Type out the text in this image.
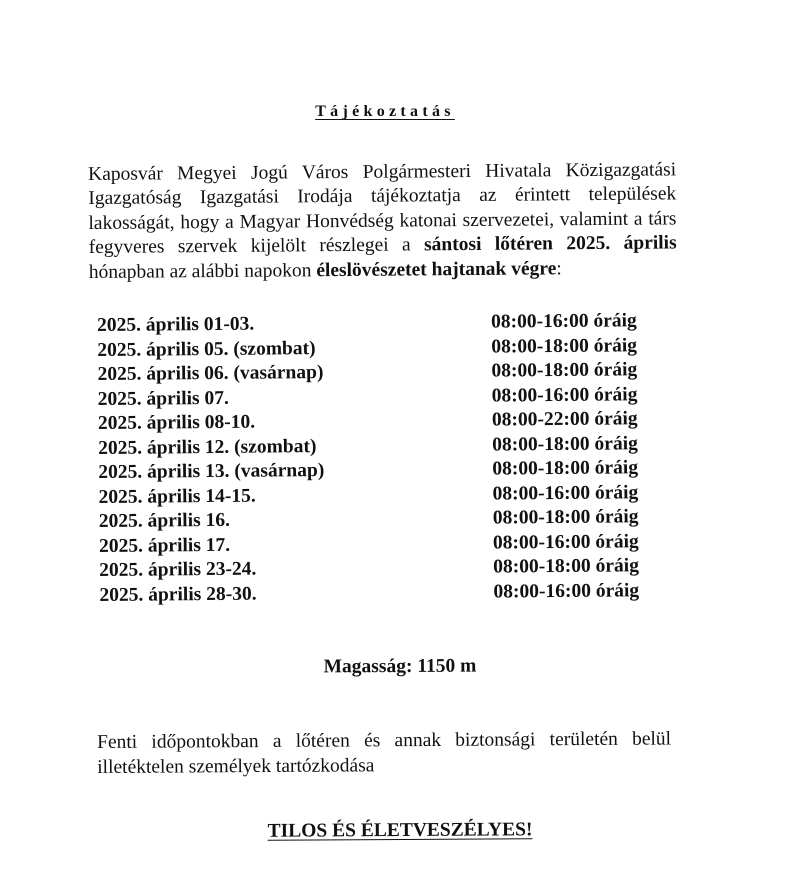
Tájékoztatás
Kaposvár Megyei Jogú Város Polgármesteri Hivatala Közigazgatási Igazgatóság Igazgatási Irodája tájékoztatja az érintett települések lakosságát, hogy a Magyar Honvédség katonai szervezetei, valamint a társ fegyveres szervek kijelölt részlegei a sántosi lőtéren 2025. április hónapban az alábbi napokon éleslövészetet hajtanak végre:
2025. április 01-03.	08:00-16:00 óráig
2025. április 05. (szombat)	08:00-18:00 óráig
2025. április 06. (vasárnap)	08:00-18:00 óráig
2025. április 07.	08:00-16:00 óráig
2025. április 08-10.	08:00-22:00 óráig
2025. április 12. (szombat)	08:00-18:00 óráig
2025. április 13. (vasárnap)	08:00-18:00 óráig
2025. április 14-15.	08:00-16:00 óráig
2025. április 16.	08:00-18:00 óráig
2025. április 17.	08:00-16:00 óráig
2025. április 23-24.	08:00-18:00 óráig
2025. április 28-30.	08:00-16:00 óráig
Magasság: 1150 m
Fenti időpontokban a lőtéren és annak biztonsági területén belül illetéktelen személyek tartózkodása
TILOS ÉS ÉLETVESZÉLYES!
